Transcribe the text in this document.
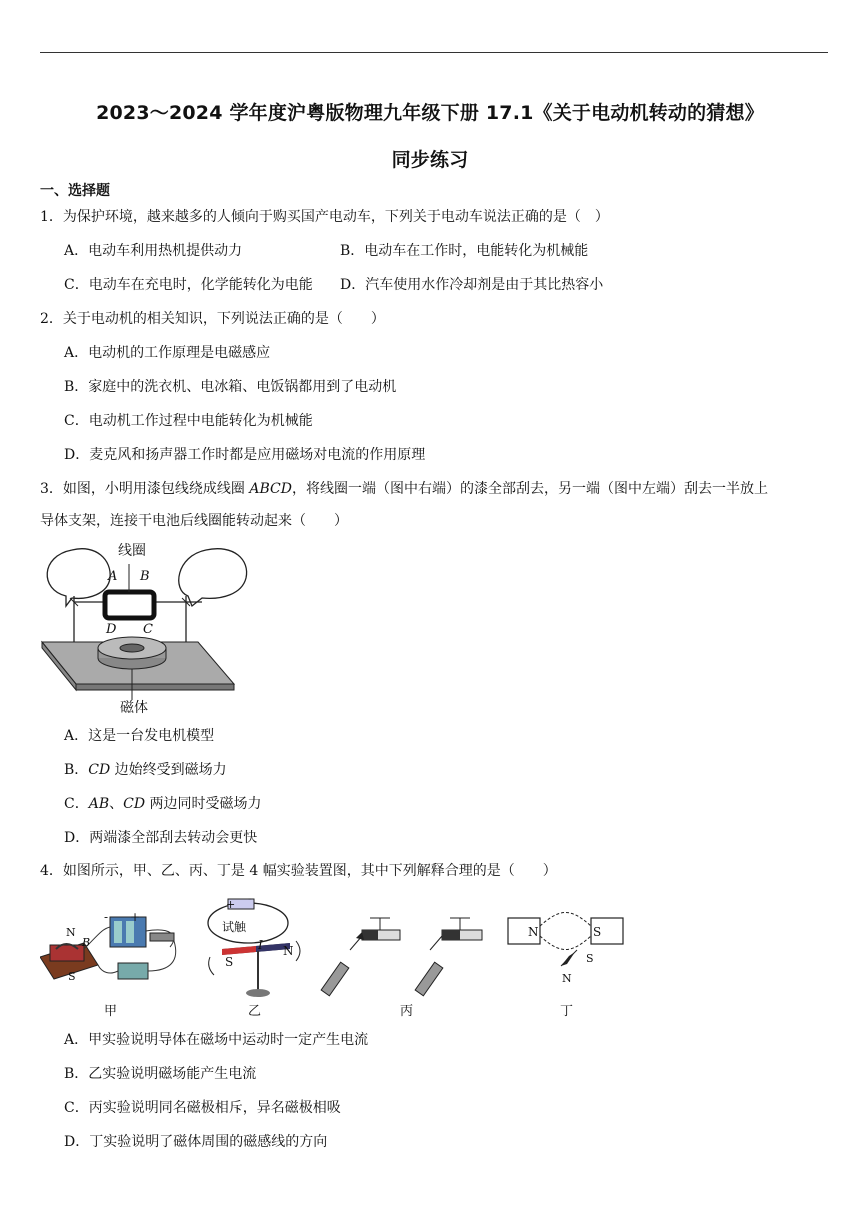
2023～2024 学年度沪粤版物理九年级下册 17.1《关于电动机转动的猜想》
同步练习
一、选择题
1．为保护环境，越来越多的人倾向于购买国产电动车，下列关于电动车说法正确的是（　）
A．电动车利用热机提供动力	B．电动车在工作时，电能转化为机械能
C．电动车在充电时，化学能转化为电能 D．汽车使用水作冷却剂是由于其比热容小
2．关于电动机的相关知识，下列说法正确的是（　　）
A．电动机的工作原理是电磁感应
B．家庭中的洗衣机、电冰箱、电饭锅都用到了电动机
C．电动机工作过程中电能转化为机械能
D．麦克风和扬声器工作时都是应用磁场对电流的作用原理
3．如图，小明用漆包线绕成线圈 ABCD，将线圈一端（图中右端）的漆全部刮去，另一端（图中左端）刮去一半放上
导体支架，连接干电池后线圈能转动起来（　　）
线圈
A B
D C
磁体
A．这是一台发电机模型
B．CD 边始终受到磁场力
C．AB、CD 两边同时受磁场力
D．两端漆全部刮去转动会更快
4．如图所示，甲、乙、丙、丁是 4 幅实验装置图，其中下列解释合理的是（　　）
N
S
B
- +
甲
试触
I
S
N
+ -
乙	丙
N	S
S
N
丁
A．甲实验说明导体在磁场中运动时一定产生电流
B．乙实验说明磁场能产生电流
C．丙实验说明同名磁极相斥，异名磁极相吸
D．丁实验说明了磁体周围的磁感线的方向
